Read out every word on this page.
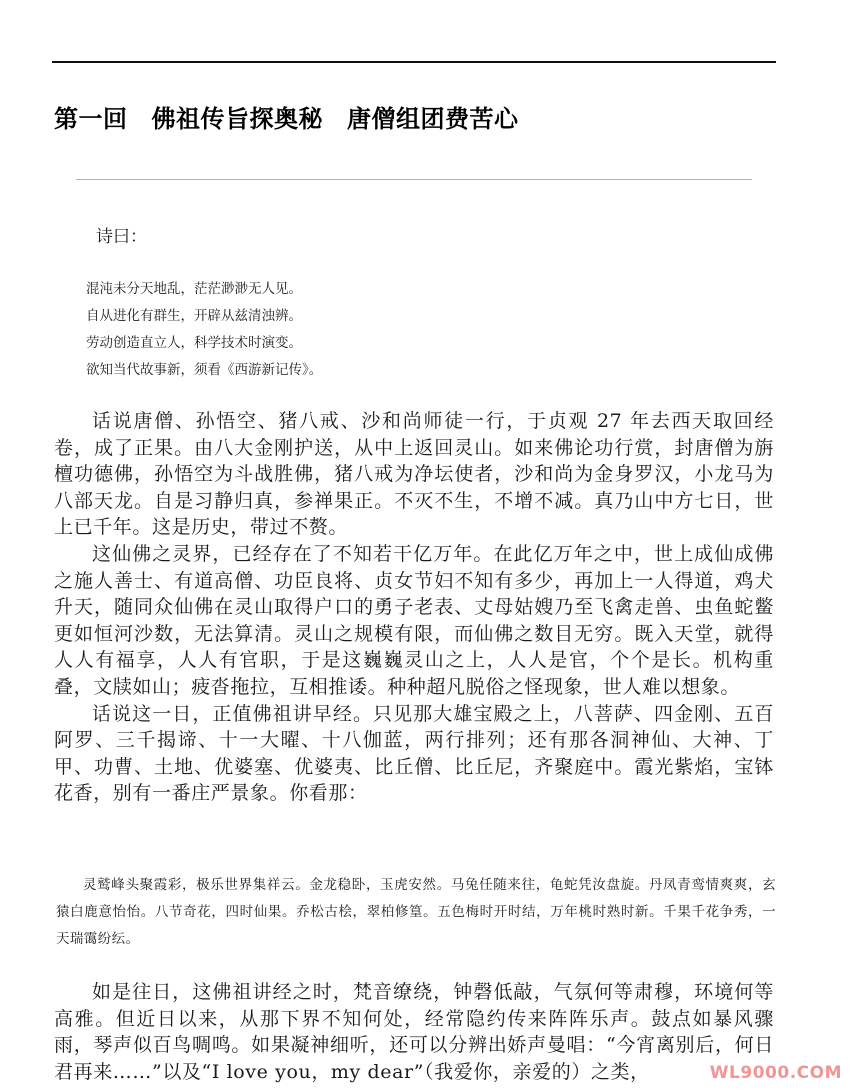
第一回 佛祖传旨探奥秘 唐僧组团费苦心
诗曰：
混沌未分天地乱，茫茫渺渺无人见。
自从进化有群生，开辟从兹清浊辨。
劳动创造直立人，科学技术时演变。
欲知当代故事新，须看《西游新记传》。

话说唐僧、孙悟空、猪八戒、沙和尚师徒一行，于贞观 27 年去西天取回经卷，成了正果。由八大金刚护送，从中上返回灵山。如来佛论功行赏，封唐僧为旃檀功德佛，孙悟空为斗战胜佛，猪八戒为净坛使者，沙和尚为金身罗汉，小龙马为八部天龙。自是习静归真，参禅果正。不灭不生，不增不减。真乃山中方七日，世上已千年。这是历史，带过不赘。

这仙佛之灵界，已经存在了不知若干亿万年。在此亿万年之中，世上成仙成佛之施人善士、有道高僧、功臣良将、贞女节妇不知有多少，再加上一人得道，鸡犬升天，随同众仙佛在灵山取得户口的勇子老表、丈母姑嫂乃至飞禽走兽、虫鱼蛇鳖更如恒河沙数，无法算清。灵山之规模有限，而仙佛之数目无穷。既入天堂，就得人人有福享，人人有官职，于是这巍巍灵山之上，人人是官，个个是长。机构重叠，文牍如山；疲沓拖拉，互相推诿。种种超凡脱俗之怪现象，世人难以想象。

话说这一日，正值佛祖讲早经。只见那大雄宝殿之上，八菩萨、四金刚、五百阿罗、三千揭谛、十一大曜、十八伽蓝，两行排列；还有那各洞神仙、大神、丁甲、功曹、土地、优婆塞、优婆夷、比丘僧、比丘尼，齐聚庭中。霞光紫焰，宝钵花香，别有一番庄严景象。你看那：

灵鹫峰头聚霞彩，极乐世界集祥云。金龙稳卧，玉虎安然。马兔任随来往，龟蛇凭汝盘旋。丹凤青鸾情爽爽，玄猿白鹿意怡怡。八节奇花，四时仙果。乔松古桧，翠柏修篁。五色梅时开时结，万年桃时熟时新。千果千花争秀，一天瑞霭纷纭。

如是往日，这佛祖讲经之时，梵音缭绕，钟磬低敲，气氛何等肃穆，环境何等高雅。但近日以来，从那下界不知何处，经常隐约传来阵阵乐声。鼓点如暴风骤雨，琴声似百鸟啁鸣。如果凝神细听，还可以分辨出娇声曼唱：“今宵离别后，何日君再来……”以及“I love you，my dear”（我爱你，亲爱的）之类，	WL9000.COM
